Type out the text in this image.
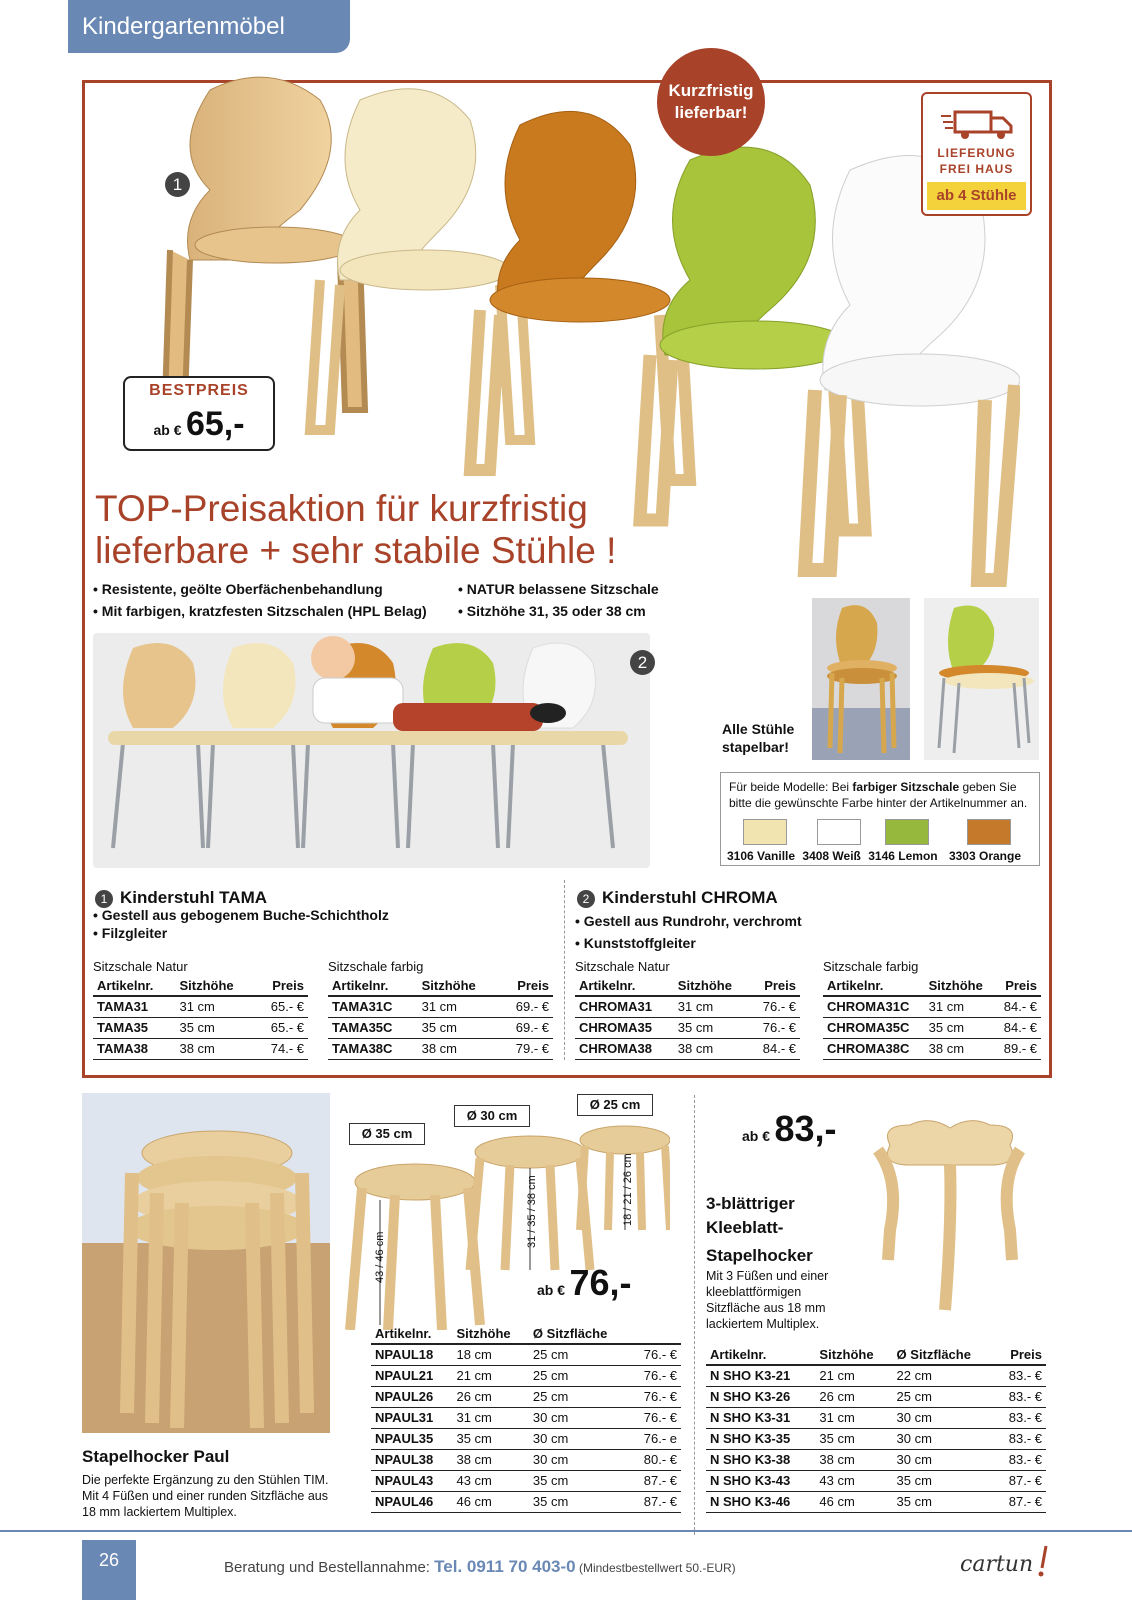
Kindergartenmöbel
Kurzfristig
lieferbar!
LIEFERUNG
FREI HAUS
ab 4 Stühle
1
BESTPREIS
ab € 65,-
TOP-Preisaktion für kurzfristig
lieferbare + sehr stabile Stühle !
• Resistente, geölte Oberfächenbehandlung
• Mit farbigen, kratzfesten Sitzschalen (HPL Belag)
• NATUR belassene Sitzschale
• Sitzhöhe 31, 35 oder 38 cm
2
Alle Stühle
stapelbar!
Für beide Modelle: Bei farbiger Sitzschale geben Sie
bitte die gewünschte Farbe hinter der Artikelnummer an.
3106 Vanille 3408 Weiß 3146 Lemon 3303 Orange
1 Kinderstuhl TAMA
• Gestell aus gebogenem Buche-Schichtholz
• Filzgleiter
2 Kinderstuhl CHROMA
• Gestell aus Rundrohr, verchromt
• Kunststoffgleiter
Sitzschale Natur
Artikelnr.	Sitzhöhe	Preis
TAMA31	31 cm	65.- €
TAMA35	35 cm	65.- €
TAMA38	38 cm	74.- €
Sitzschale farbig
Artikelnr.	Sitzhöhe	Preis
TAMA31C	31 cm	69.- €
TAMA35C	35 cm	69.- €
TAMA38C	38 cm	79.- €
Sitzschale Natur
Artikelnr.	Sitzhöhe	Preis
CHROMA31	31 cm	76.- €
CHROMA35	35 cm	76.- €
CHROMA38	38 cm	84.- €
Sitzschale farbig
Artikelnr.	Sitzhöhe	Preis
CHROMA31C	31 cm	84.- €
CHROMA35C	35 cm	84.- €
CHROMA38C	38 cm	89.- €
Stapelhocker Paul
Die perfekte Ergänzung zu den Stühlen TIM.
Mit 4 Füßen und einer runden Sitzfläche aus
18 mm lackiertem Multiplex.
Ø 35 cm
Ø 30 cm
Ø 25 cm
43 / 46 cm
31 / 35 / 38 cm	18 / 21 / 26 cm
ab € 76,-
Artikelnr.	Sitzhöhe	Ø Sitzfläche	
NPAUL18	18 cm	25 cm	76.- €
NPAUL21	21 cm	25 cm	76.- €
NPAUL26	26 cm	25 cm	76.- €
NPAUL31	31 cm	30 cm	76.- €
NPAUL35	35 cm	30 cm	76.- e
NPAUL38	38 cm	30 cm	80.- €
NPAUL43	43 cm	35 cm	87.- €
NPAUL46	46 cm	35 cm	87.- €
ab € 83,-
3-blättriger
Kleeblatt-
Stapelhocker
Mit 3 Füßen und einer
kleeblattförmigen
Sitzfläche aus 18 mm
lackiertem Multiplex.
Artikelnr.	Sitzhöhe	Ø Sitzfläche	Preis
N SHO K3-21	21 cm	22 cm	83.- €
N SHO K3-26	26 cm	25 cm	83.- €
N SHO K3-31	31 cm	30 cm	83.- €
N SHO K3-35	35 cm	30 cm	83.- €
N SHO K3-38	38 cm	30 cm	83.- €
N SHO K3-43	43 cm	35 cm	87.- €
N SHO K3-46	46 cm	35 cm	87.- €
26	Beratung und Bestellannahme: Tel. 0911 70 403-0 (Mindestbestellwert 50.-EUR)	cartun
